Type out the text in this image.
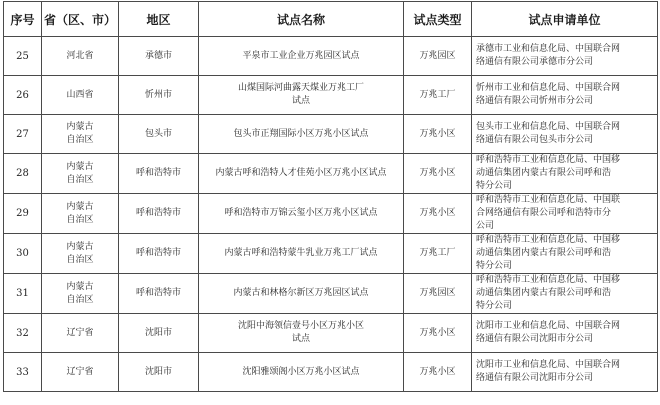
序号	省（区、市）	地区	试点名称	试点类型	试点申请单位
25	河北省	承德市	平泉市工业企业万兆园区试点	万兆园区	承德市工业和信息化局、中国联合网
络通信有限公司承德市分公司
26	山西省	忻州市	山煤国际河曲露天煤业万兆工厂
试点	万兆工厂	忻州市工业和信息化局、中国联合网
络通信有限公司忻州市分公司
27	内蒙古
自治区	包头市	包头市正翔国际小区万兆小区试点	万兆小区	包头市工业和信息化局、中国联合网
络通信有限公司包头市分公司
28	内蒙古
自治区	呼和浩特市	内蒙古呼和浩特人才佳苑小区万兆小区试点	万兆小区	呼和浩特市工业和信息化局、中国移
动通信集团内蒙古有限公司呼和浩
特分公司
29	内蒙古
自治区	呼和浩特市	呼和浩特市万锦云玺小区万兆小区试点	万兆小区	呼和浩特市工业和信息化局、中国联
合网络通信有限公司呼和浩特市分
公司
30	内蒙古
自治区	呼和浩特市	内蒙古呼和浩特蒙牛乳业万兆工厂试点	万兆工厂	呼和浩特市工业和信息化局、中国移
动通信集团内蒙古有限公司呼和浩
特分公司
31	内蒙古
自治区	呼和浩特市	内蒙古和林格尔新区万兆园区试点	万兆园区	呼和浩特市工业和信息化局、中国移
动通信集团内蒙古有限公司呼和浩
特分公司
32	辽宁省	沈阳市	沈阳中海领信壹号小区万兆小区
试点	万兆小区	沈阳市工业和信息化局、中国联合网
络通信有限公司沈阳市分公司
33	辽宁省	沈阳市	沈阳雅颂阁小区万兆小区试点	万兆小区	沈阳市工业和信息化局、中国联合网
络通信有限公司沈阳市分公司
